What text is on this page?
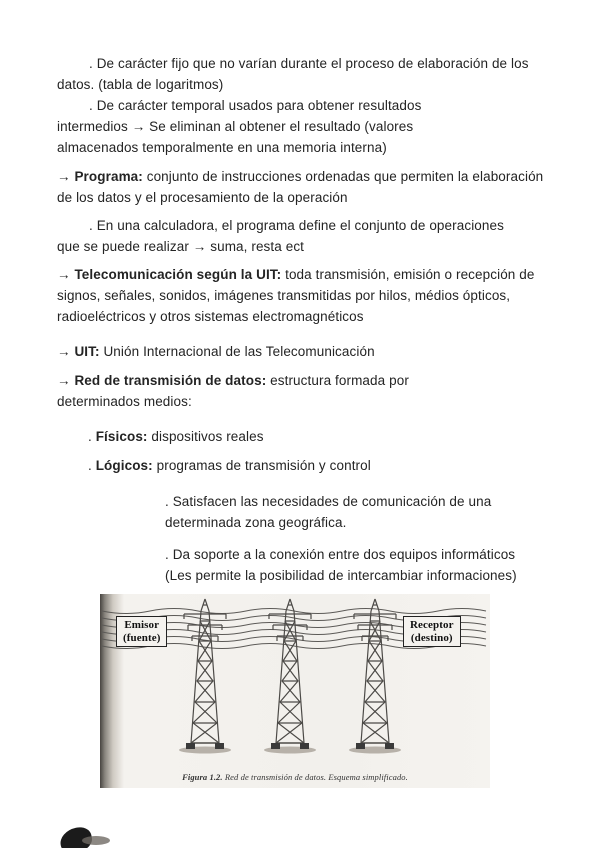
. De carácter fijo que no varían durante el proceso de elaboración de los datos. (tabla de logaritmos)

. De carácter temporal usados para obtener resultados intermedios → Se eliminan al obtener el resultado (valores almacenados temporalmente en una memoria interna)

→ Programa: conjunto de instrucciones ordenadas que permiten la elaboración de los datos y el procesamiento de la operación

. En una calculadora, el programa define el conjunto de operaciones que se puede realizar → suma, resta ect

→ Telecomunicación según la UIT: toda transmisión, emisión o recepción de signos, señales, sonidos, imágenes transmitidas por hilos, médios ópticos, radioeléctricos y otros sistemas electromagnéticos

→ UIT: Unión Internacional de las Telecomunicación

→ Red de transmisión de datos: estructura formada por determinados medios:

. Físicos: dispositivos reales

. Lógicos: programas de transmisión y control

. Satisfacen las necesidades de comunicación de una determinada zona geográfica.

. Da soporte a la conexión entre dos equipos informáticos (Les permite la posibilidad de intercambiar informaciones)

Emisor
(fuente)
Receptor
(destino)
Figura 1.2. Red de transmisión de datos. Esquema simplificado.
